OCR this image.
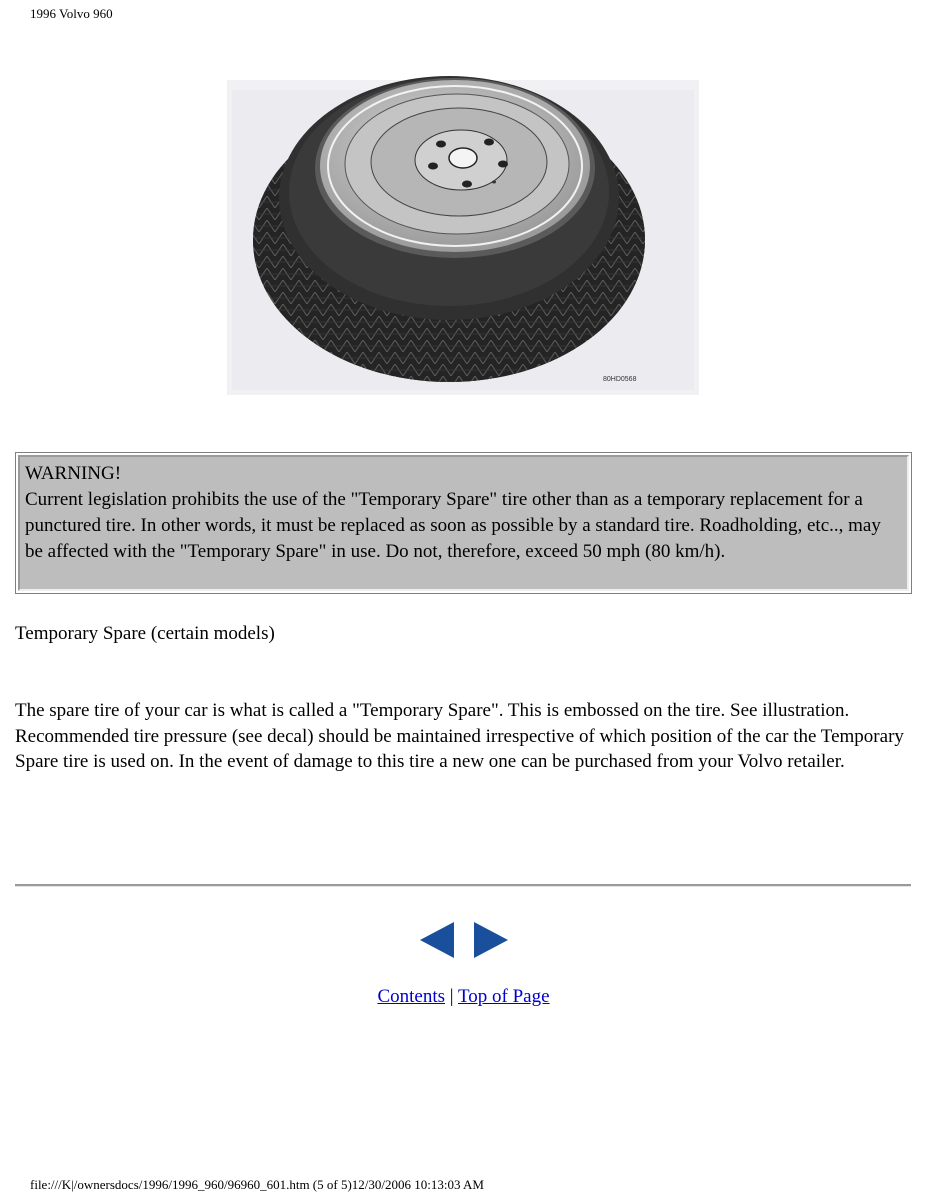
1996 Volvo 960
80HD0568
WARNING!
Current legislation prohibits the use of the "Temporary Spare" tire other than as a temporary replacement for a punctured tire. In other words, it must be replaced as soon as possible by a standard tire. Roadholding, etc.., may be affected with the "Temporary Spare" in use. Do not, therefore, exceed 50 mph (80 km/h).
Temporary Spare (certain models)

The spare tire of your car is what is called a "Temporary Spare". This is embossed on the tire. See illustration.

Recommended tire pressure (see decal) should be maintained irrespective of which position of the car the Temporary Spare tire is used on. In the event of damage to this tire a new one can be purchased from your Volvo retailer.

Contents | Top of Page
file:///K|/ownersdocs/1996/1996_960/96960_601.htm (5 of 5)12/30/2006 10:13:03 AM
